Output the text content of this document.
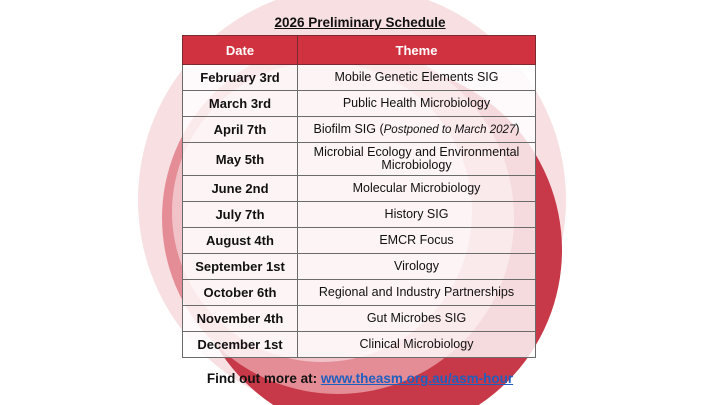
2026 Preliminary Schedule
Date	Theme
February 3rd	Mobile Genetic Elements SIG
March 3rd	Public Health Microbiology
April 7th	Biofilm SIG (Postponed to March 2027)
May 5th	Microbial Ecology and Environmental Microbiology
June 2nd	Molecular Microbiology
July 7th	History SIG
August 4th	EMCR Focus
September 1st	Virology
October 6th	Regional and Industry Partnerships
November 4th	Gut Microbes SIG
December 1st	Clinical Microbiology
Find out more at: www.theasm.org.au/asm-hour
